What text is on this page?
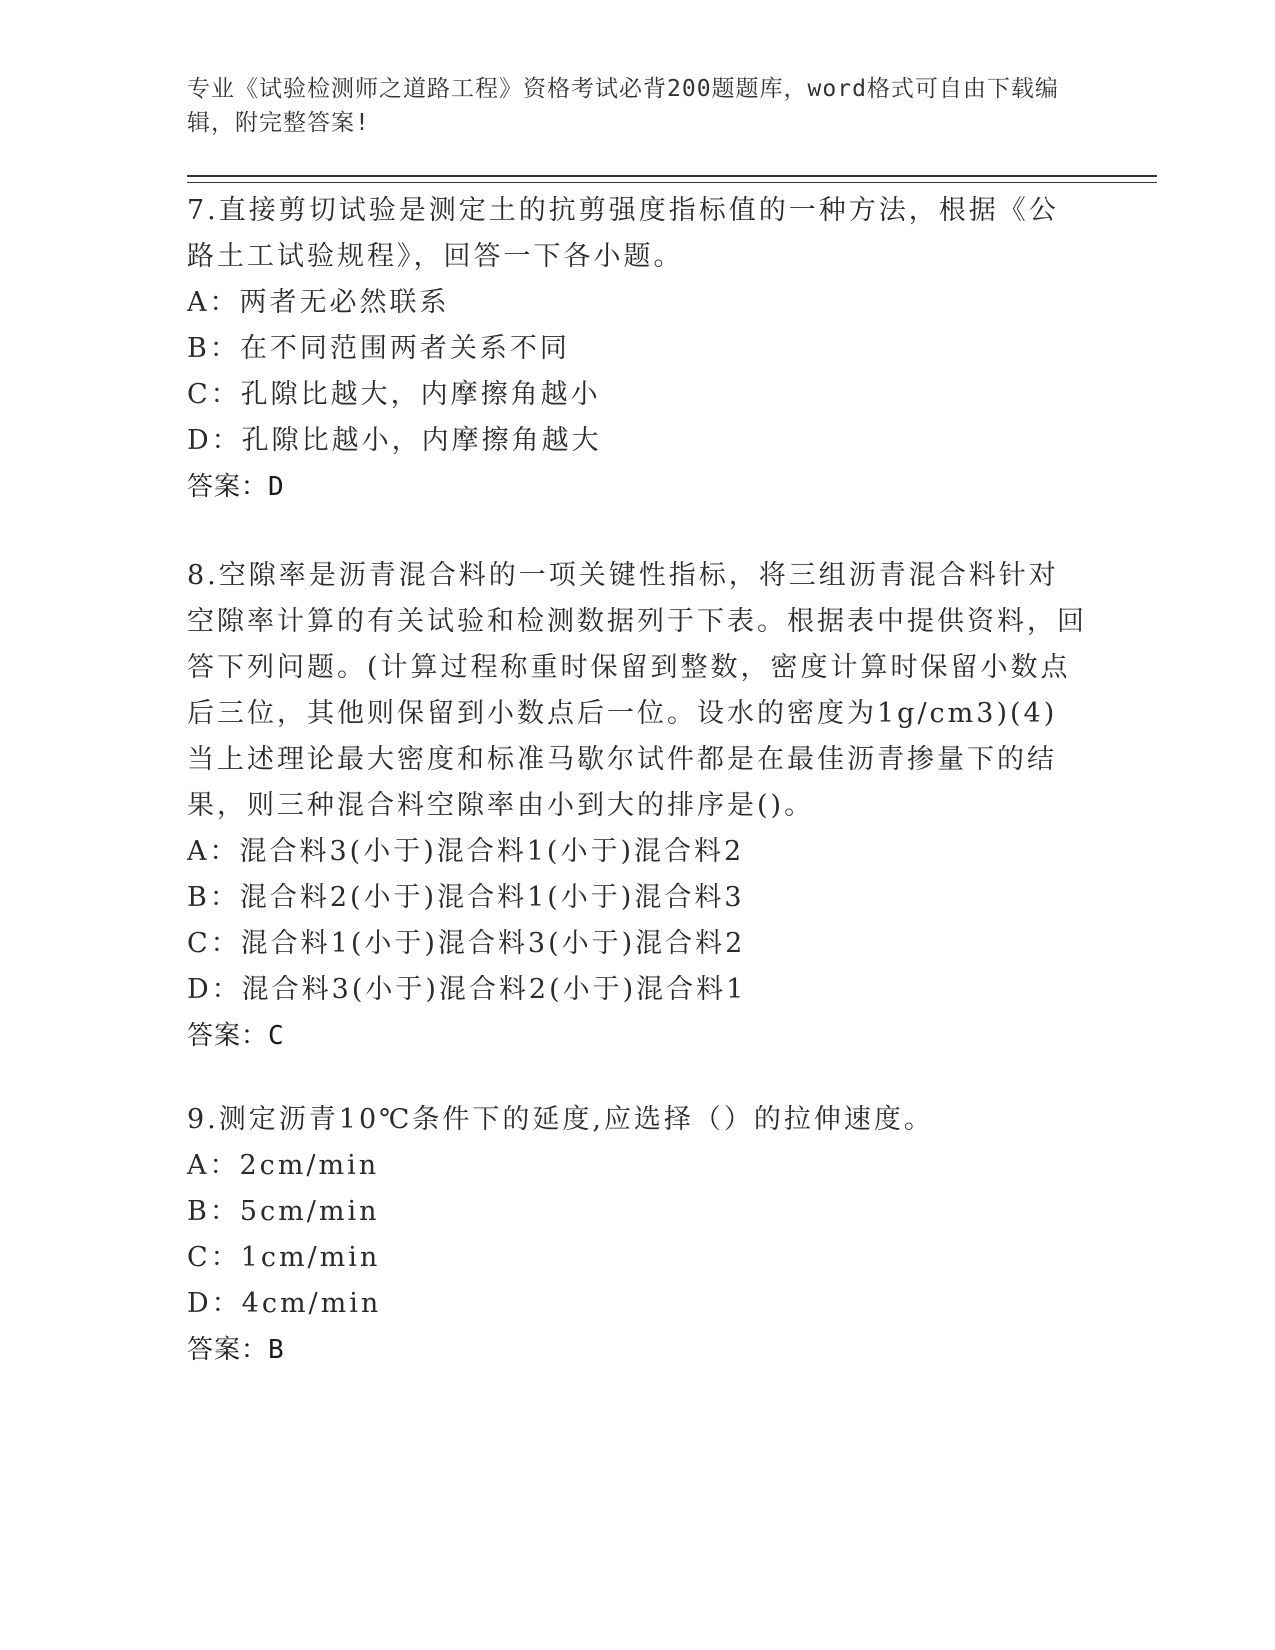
专业《试验检测师之道路工程》资格考试必背200题题库，word格式可自由下载编辑，附完整答案!

7.直接剪切试验是测定土的抗剪强度指标值的一种方法，根据《公路土工试验规程》，回答一下各小题。

A：两者无必然联系

B：在不同范围两者关系不同

C：孔隙比越大，内摩擦角越小

D：孔隙比越小，内摩擦角越大

答案：D

8.空隙率是沥青混合料的一项关键性指标，将三组沥青混合料针对空隙率计算的有关试验和检测数据列于下表。根据表中提供资料，回答下列问题。(计算过程称重时保留到整数，密度计算时保留小数点后三位，其他则保留到小数点后一位。设水的密度为1g/cm3)(4)当上述理论最大密度和标准马歇尔试件都是在最佳沥青掺量下的结果，则三种混合料空隙率由小到大的排序是()。

A：混合料3(小于)混合料1(小于)混合料2

B：混合料2(小于)混合料1(小于)混合料3

C：混合料1(小于)混合料3(小于)混合料2

D：混合料3(小于)混合料2(小于)混合料1

答案：C

9.测定沥青10℃条件下的延度,应选择（）的拉伸速度。

A：2cm/min

B：5cm/min

C：1cm/min

D：4cm/min

答案：B
